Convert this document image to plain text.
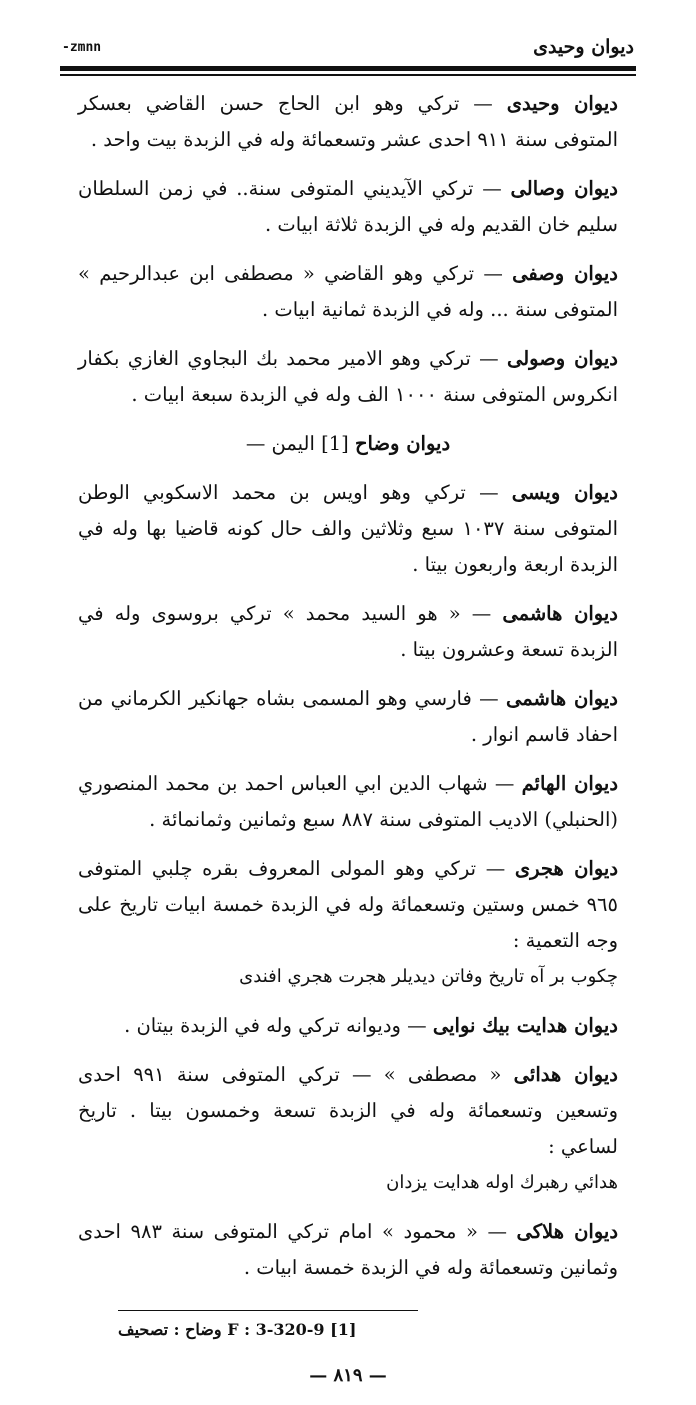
ديوان وحيدى
-zmnn
ديوان وحيدى — تركي وهو ابن الحاج حسن القاضي بعسكر المتوفى سنة ٩١١ احدى عشر وتسعمائة وله في الزبدة بيت واحد .
ديوان وصالى — تركي الآيديني المتوفى سنة.. في زمن السلطان سليم خان القديم وله في الزبدة ثلاثة ابيات .
ديوان وصفى — تركي وهو القاضي « مصطفى ابن عبدالرحيم » المتوفى سنة ... وله في الزبدة ثمانية ابيات .
ديوان وصولى — تركي وهو الامير محمد بك البجاوي الغازي بكفار انكروس المتوفى سنة ١٠٠٠ الف وله في الزبدة سبعة ابيات .
ديوان وضاح [1] اليمن —
ديوان ويسى — تركي وهو اويس بن محمد الاسكوبي الوطن المتوفى سنة ١٠٣٧ سبع وثلاثين والف حال كونه قاضيا بها وله في الزبدة اربعة واربعون بيتا .
ديوان هاشمى — « هو السيد محمد » تركي بروسوى وله في الزبدة تسعة وعشرون بيتا .
ديوان هاشمى — فارسي وهو المسمى بشاه جهانكير الكرماني من احفاد قاسم انوار .
ديوان الهائم — شهاب الدين ابي العباس احمد بن محمد المنصوري (الحنبلي) الاديب المتوفى سنة ٨٨٧ سبع وثمانين وثمانمائة .
ديوان هجرى — تركي وهو المولى المعروف بقره چلبي المتوفى ٩٦٥ خمس وستين وتسعمائة وله في الزبدة خمسة ابيات تاريخ على وجه التعمية :
چكوب بر آه تاريخ وفاتن ديديلر هجرت هجري افندى
ديوان هدايت بيك نوايى — وديوانه تركي وله في الزبدة بيتان .
ديوان هدائى « مصطفى » — تركي المتوفى سنة ٩٩١ احدى وتسعين وتسعمائة وله في الزبدة تسعة وخمسون بيتا . تاريخ لساعي :
هدائي رهبرك اوله هدايت يزدان
ديوان هلاكى — « محمود » امام تركي المتوفى سنة ٩٨٣ احدى وثمانين وتسعمائة وله في الزبدة خمسة ابيات .
[1] F : 3-320-9 وضاح : تصحيف
— ٨١٩ —
